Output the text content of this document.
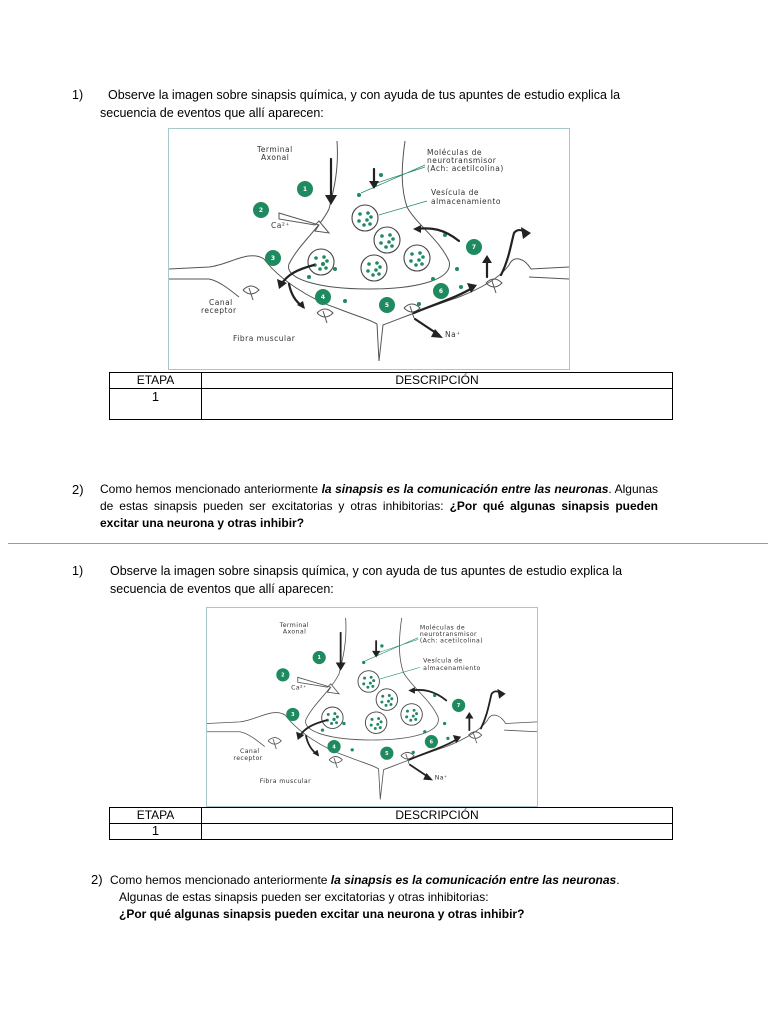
1) Observe la imagen sobre sinapsis química, y con ayuda de tus apuntes de estudio explica la
secuencia de eventos que allí aparecen:
1
2
3
4
5
6
7
Terminal
Axonal
Moléculas de
neurotransmisor
(Ach: acetilcolina)
Vesícula de
almacenamiento
Ca²⁺
Canal
receptor
Fibra muscular	Na⁺
ETAPA	DESCRIPCIÓN
1	
2) Como hemos mencionado anteriormente la sinapsis es la comunicación entre las neuronas. Algunas de estas sinapsis pueden ser excitatorias y otras inhibitorias: ¿Por qué algunas sinapsis pueden excitar una neurona y otras inhibir?

1) Observe la imagen sobre sinapsis química, y con ayuda de tus apuntes de estudio explica la
secuencia de eventos que allí aparecen:
1
2
3
4
5
6
7
Terminal
Axonal
Moléculas de
neurotransmisor
(Ach: acetilcolina)
Vesícula de
almacenamiento
Ca²⁺
Canal
receptor
Fibra muscular	Na⁺
ETAPA	DESCRIPCIÓN
1	
2) Como hemos mencionado anteriormente la sinapsis es la comunicación entre las neuronas.

Algunas de estas sinapsis pueden ser excitatorias y otras inhibitorias:
¿Por qué algunas sinapsis pueden excitar una neurona y otras inhibir?
